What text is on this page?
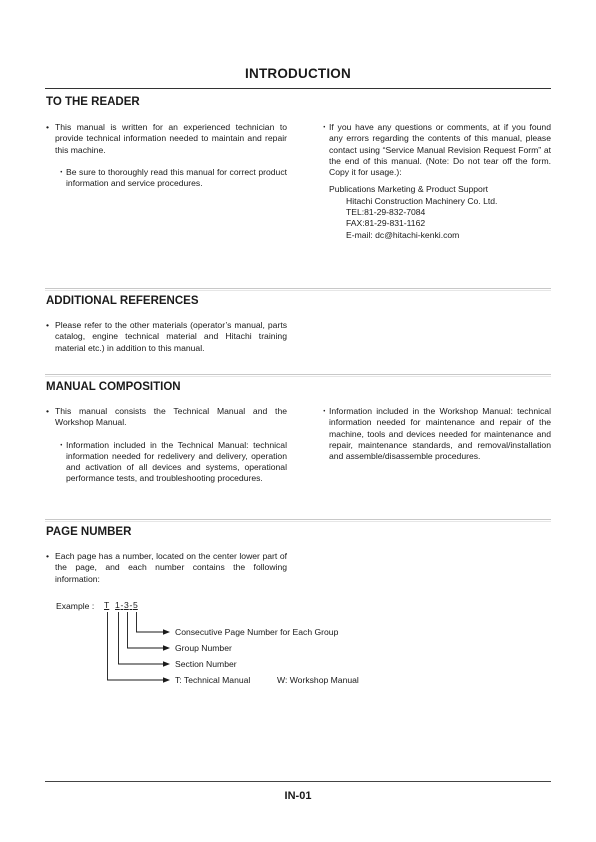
INTRODUCTION
TO THE READER
• This manual is written for an experienced technician to provide technical information needed to maintain and repair this machine.
・ Be sure to thoroughly read this manual for correct product information and service procedures.
・ If you have any questions or comments, at if you found any errors regarding the contents of this manual, please contact using “Service Manual Revision Request Form” at the end of this manual. (Note: Do not tear off the form. Copy it for usage.):
Publications Marketing & Product Support
Hitachi Construction Machinery Co. Ltd.
TEL:81-29-832-7084
FAX:81-29-831-1162
E-mail: dc@hitachi-kenki.com
ADDITIONAL REFERENCES
• Please refer to the other materials (operator’s manual, parts catalog, engine technical material and Hitachi training material etc.) in addition to this manual.
MANUAL COMPOSITION
• This manual consists the Technical Manual and the Workshop Manual.
・ Information included in the Technical Manual: technical information needed for redelivery and delivery, operation and activation of all devices and systems, operational performance tests, and troubleshooting procedures.
・ Information included in the Workshop Manual: technical information needed for maintenance and repair of the machine, tools and devices needed for maintenance and repair, maintenance standards, and removal/installation and assemble/disassemble procedures.
PAGE NUMBER
• Each page has a number, located on the center lower part of the page, and each number contains the following information:
Example : T 1 - 3 - 5
Consecutive Page Number for Each Group
Group Number
Section Number
T: Technical Manual	W: Workshop Manual
IN-01
